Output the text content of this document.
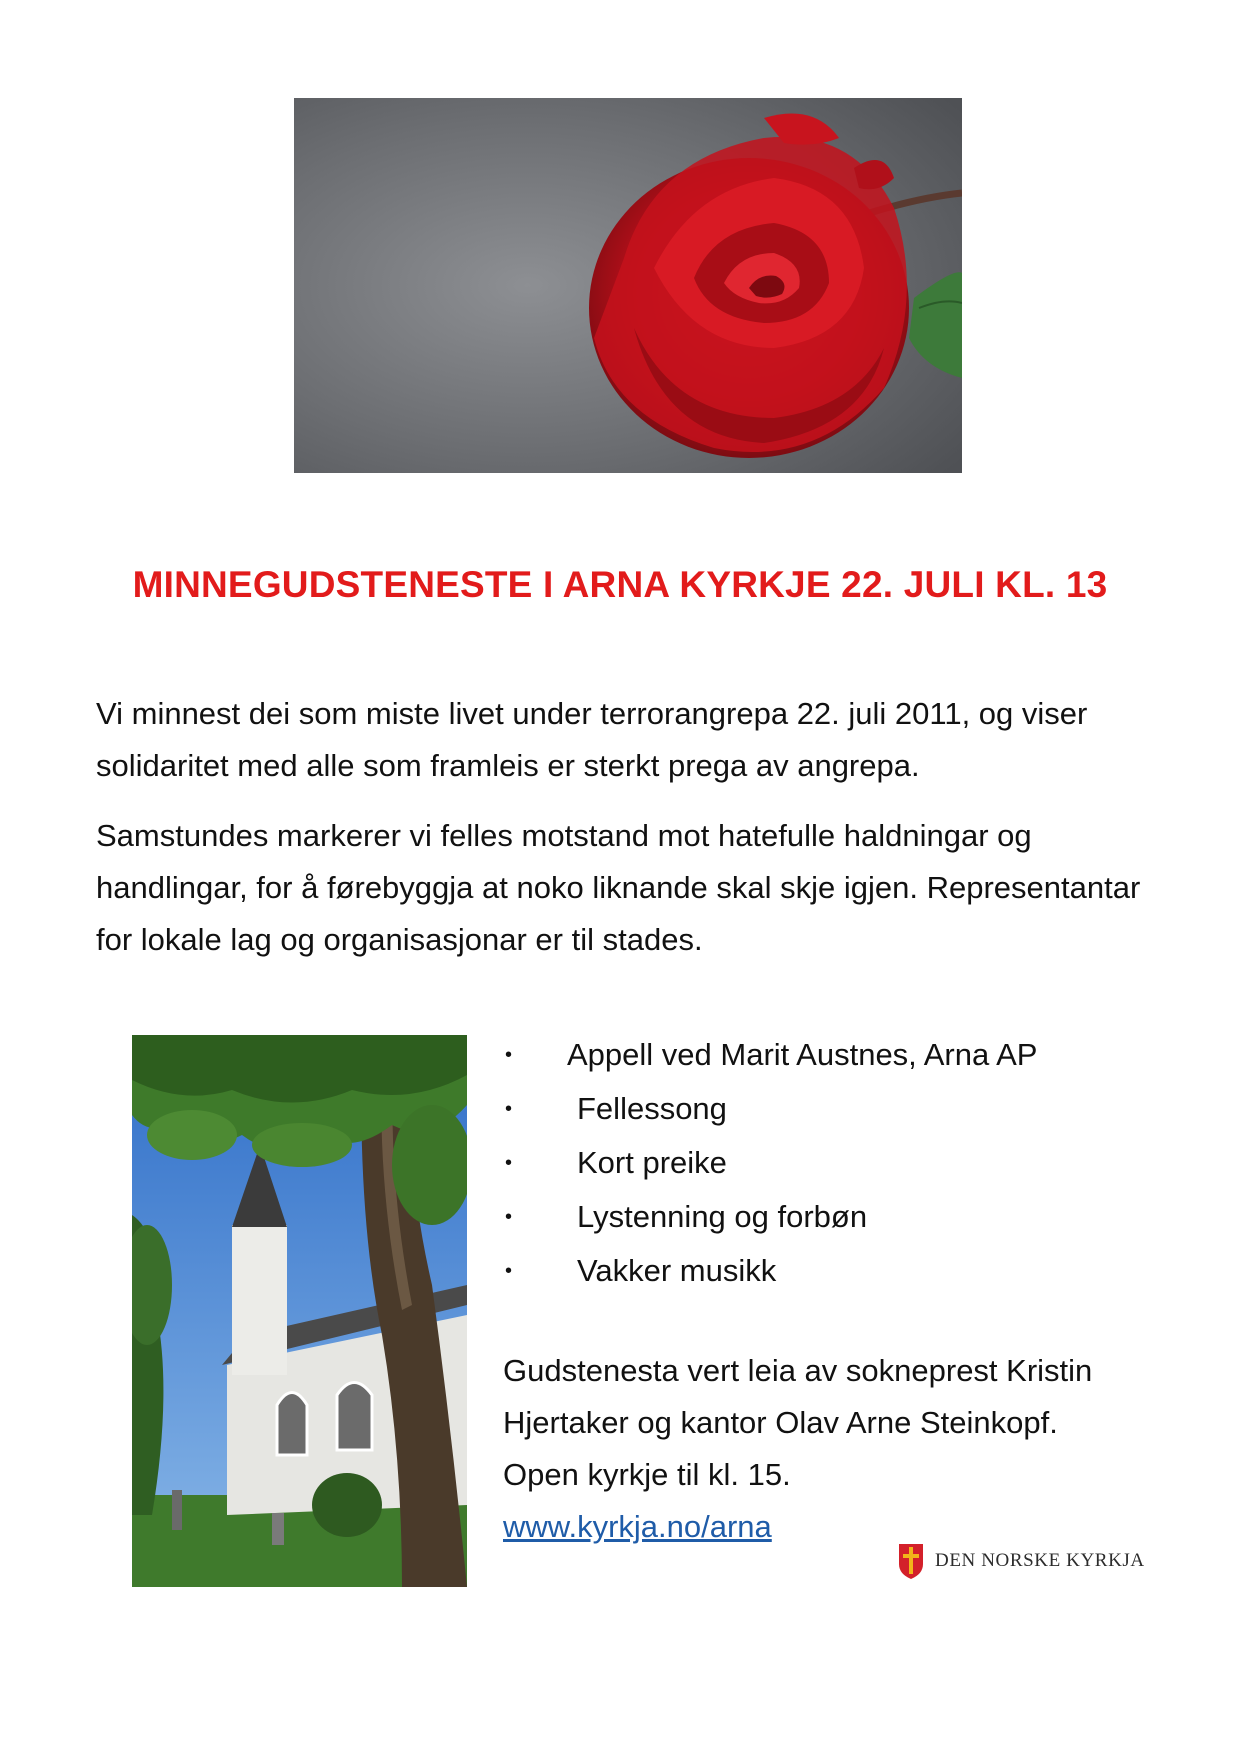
MINNEGUDSTENESTE I ARNA KYRKJE 22. JULI KL. 13

Vi minnest dei som miste livet under terrorangrepa 22. juli 2011, og viser solidaritet med alle som framleis er sterkt prega av angrepa.

Samstundes markerer vi felles motstand mot hatefulle haldningar og handlingar, for å førebyggja at noko liknande skal skje igjen. Representantar for lokale lag og organisasjonar er til stades.

• Appell ved Marit Austnes, Arna AP
• Fellessong
• Kort preike
• Lystenning og forbøn
• Vakker musikk
Gudstenesta vert leia av sokneprest Kristin
Hjertaker og kantor Olav Arne Steinkopf.
Open kyrkje til kl. 15.
www.kyrkja.no/arna
DEN NORSKE KYRKJA
